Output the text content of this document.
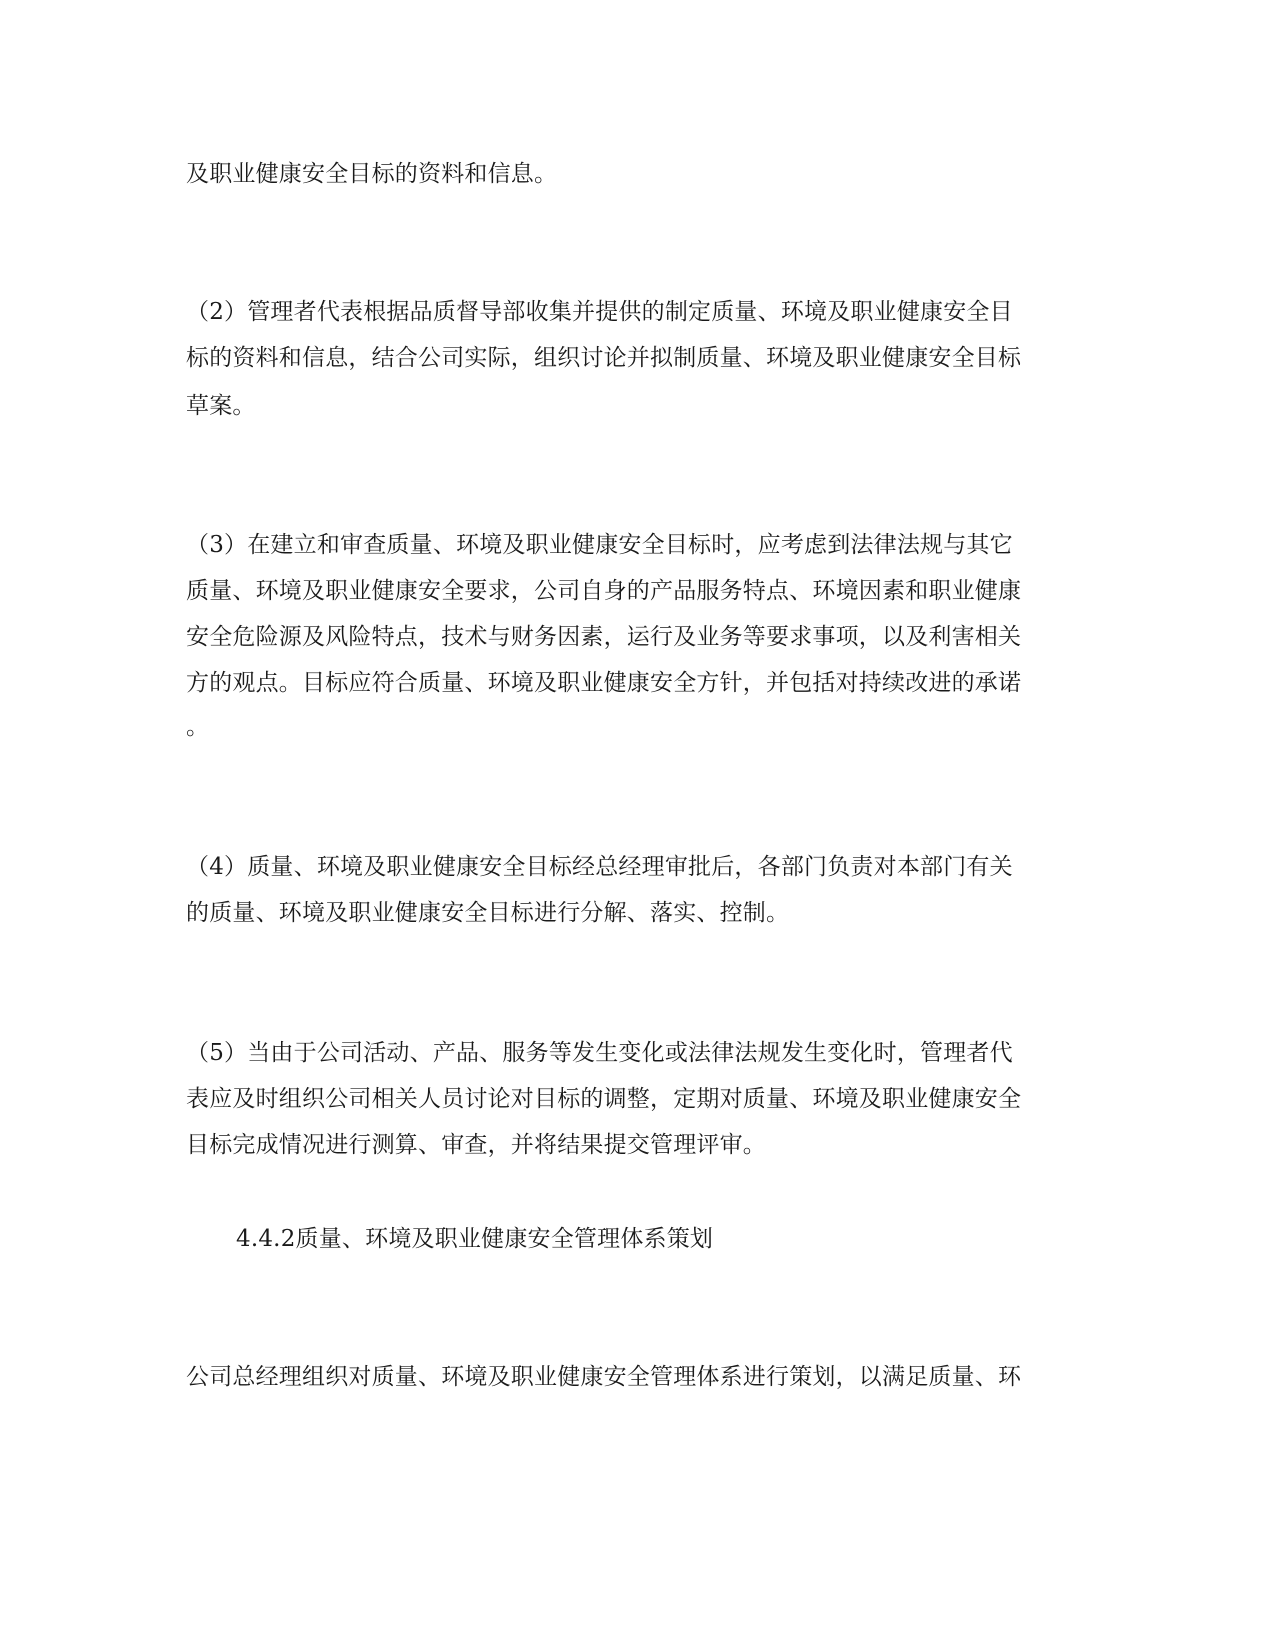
及职业健康安全目标的资料和信息。
（2）管理者代表根据品质督导部收集并提供的制定质量、环境及职业健康安全目
标的资料和信息，结合公司实际，组织讨论并拟制质量、环境及职业健康安全目标
草案。
（3）在建立和审查质量、环境及职业健康安全目标时，应考虑到法律法规与其它
质量、环境及职业健康安全要求，公司自身的产品服务特点、环境因素和职业健康
安全危险源及风险特点，技术与财务因素，运行及业务等要求事项，以及利害相关
方的观点。目标应符合质量、环境及职业健康安全方针，并包括对持续改进的承诺
。
（4）质量、环境及职业健康安全目标经总经理审批后，各部门负责对本部门有关
的质量、环境及职业健康安全目标进行分解、落实、控制。
（5）当由于公司活动、产品、服务等发生变化或法律法规发生变化时，管理者代
表应及时组织公司相关人员讨论对目标的调整，定期对质量、环境及职业健康安全
目标完成情况进行测算、审查，并将结果提交管理评审。
4.4.2质量、环境及职业健康安全管理体系策划
公司总经理组织对质量、环境及职业健康安全管理体系进行策划，以满足质量、环
